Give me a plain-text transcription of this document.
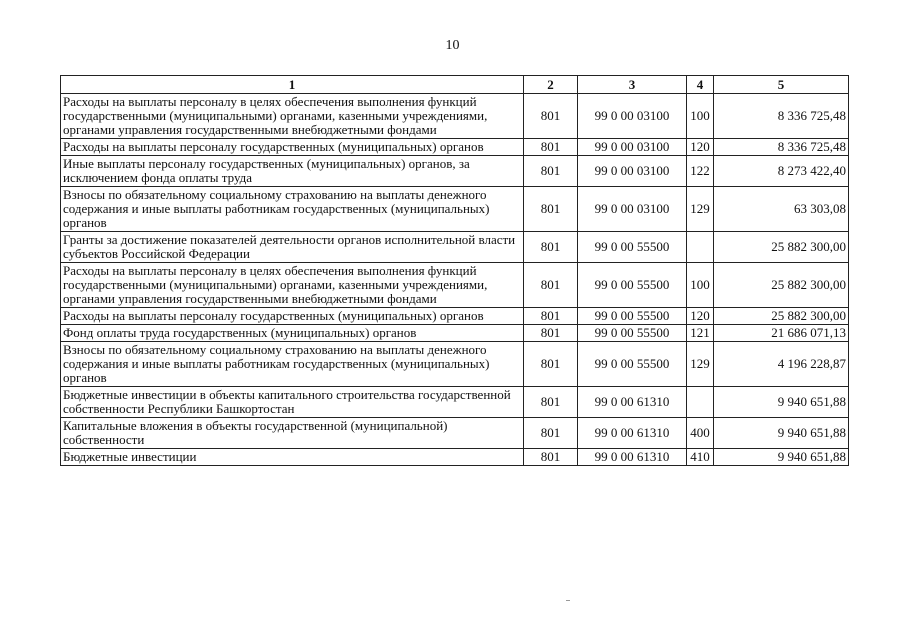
10
1	2	3	4	5
Расходы на выплаты персоналу в целях обеспечения выполнения функций государственными (муниципальными) органами, казенными учреждениями, органами управления государственными внебюджетными фондами	801	99 0 00 03100	100	8 336 725,48
Расходы на выплаты персоналу государственных (муниципальных) органов	801	99 0 00 03100	120	8 336 725,48
Иные выплаты персоналу государственных (муниципальных) органов, за исключением фонда оплаты труда	801	99 0 00 03100	122	8 273 422,40
Взносы по обязательному социальному страхованию на выплаты денежного содержания и иные выплаты работникам государственных (муниципальных) органов	801	99 0 00 03100	129	63 303,08
Гранты за достижение показателей деятельности органов исполнительной власти субъектов Российской Федерации	801	99 0 00 55500		25 882 300,00
Расходы на выплаты персоналу в целях обеспечения выполнения функций государственными (муниципальными) органами, казенными учреждениями, органами управления государственными внебюджетными фондами	801	99 0 00 55500	100	25 882 300,00
Расходы на выплаты персоналу государственных (муниципальных) органов	801	99 0 00 55500	120	25 882 300,00
Фонд оплаты труда государственных (муниципальных) органов	801	99 0 00 55500	121	21 686 071,13
Взносы по обязательному социальному страхованию на выплаты денежного содержания и иные выплаты работникам государственных (муниципальных) органов	801	99 0 00 55500	129	4 196 228,87
Бюджетные инвестиции в объекты капитального строительства государственной собственности Республики Башкортостан	801	99 0 00 61310		9 940 651,88
Капитальные вложения в объекты государственной (муниципальной) собственности	801	99 0 00 61310	400	9 940 651,88
Бюджетные инвестиции	801	99 0 00 61310	410	9 940 651,88
